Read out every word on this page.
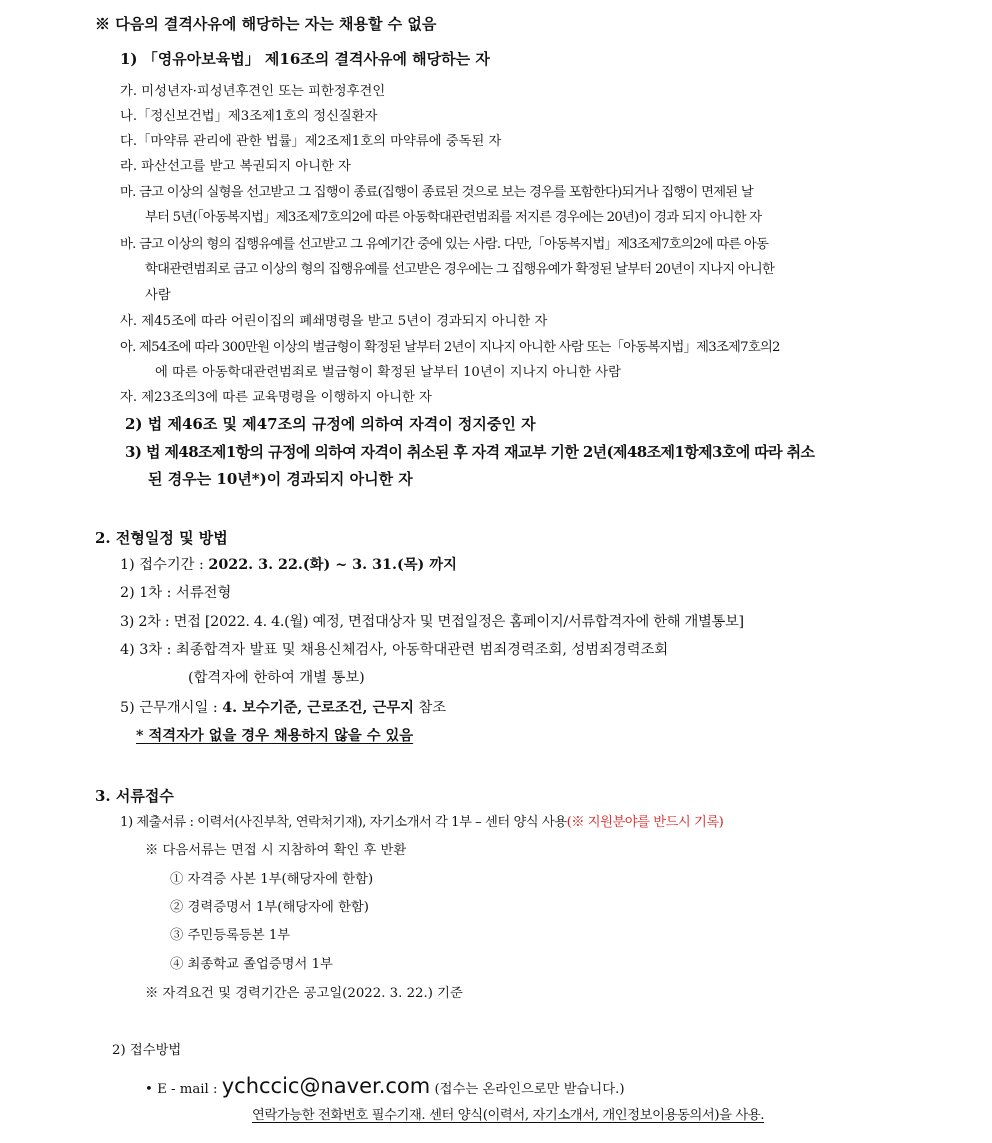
※ 다음의 결격사유에 해당하는 자는 채용할 수 없음
1) 「영유아보육법」 제16조의 결격사유에 해당하는 자
가. 미성년자·피성년후견인 또는 피한정후견인
나.「정신보건법」제3조제1호의 정신질환자
다.「마약류 관리에 관한 법률」제2조제1호의 마약류에 중독된 자
라. 파산선고를 받고 복권되지 아니한 자
마. 금고 이상의 실형을 선고받고 그 집행이 종료(집행이 종료된 것으로 보는 경우를 포함한다)되거나 집행이 면제된 날
부터 5년(「아동복지법」제3조제7호의2에 따른 아동학대관련범죄를 저지른 경우에는 20년)이 경과 되지 아니한 자
바. 금고 이상의 형의 집행유예를 선고받고 그 유예기간 중에 있는 사람. 다만,「아동복지법」제3조제7호의2에 따른 아동
학대관련범죄로 금고 이상의 형의 집행유예를 선고받은 경우에는 그 집행유예가 확정된 날부터 20년이 지나지 아니한
사람
사. 제45조에 따라 어린이집의 폐쇄명령을 받고 5년이 경과되지 아니한 자
아. 제54조에 따라 300만원 이상의 벌금형이 확정된 날부터 2년이 지나지 아니한 사람 또는「아동복지법」제3조제7호의2
에 따른 아동학대관련범죄로 벌금형이 확정된 날부터 10년이 지나지 아니한 사람
자. 제23조의3에 따른 교육명령을 이행하지 아니한 자
2) 법 제46조 및 제47조의 규정에 의하여 자격이 정지중인 자
3) 법 제48조제1항의 규정에 의하여 자격이 취소된 후 자격 재교부 기한 2년(제48조제1항제3호에 따라 취소
된 경우는 10년*)이 경과되지 아니한 자
2. 전형일정 및 방법
1) 접수기간 : 2022. 3. 22.(화) ~ 3. 31.(목) 까지
2) 1차 : 서류전형
3) 2차 : 면접 [2022. 4. 4.(월) 예정, 면접대상자 및 면접일정은 홈페이지/서류합격자에 한해 개별통보]
4) 3차 : 최종합격자 발표 및 채용신체검사, 아동학대관련 범죄경력조회, 성범죄경력조회
(합격자에 한하여 개별 통보)
5) 근무개시일 : 4. 보수기준, 근로조건, 근무지 참조
* 적격자가 없을 경우 채용하지 않을 수 있음
3. 서류접수
1) 제출서류 : 이력서(사진부착, 연락처기재), 자기소개서 각 1부 – 센터 양식 사용(※ 지원분야를 반드시 기록)
※ 다음서류는 면접 시 지참하여 확인 후 반환
① 자격증 사본 1부(해당자에 한함)
② 경력증명서 1부(해당자에 한함)
③ 주민등록등본 1부
④ 최종학교 졸업증명서 1부
※ 자격요건 및 경력기간은 공고일(2022. 3. 22.) 기준
2) 접수방법
• E - mail : ychccic@naver.com (접수는 온라인으로만 받습니다.)
연락가능한 전화번호 필수기재. 센터 양식(이력서, 자기소개서, 개인정보이용동의서)을 사용.
